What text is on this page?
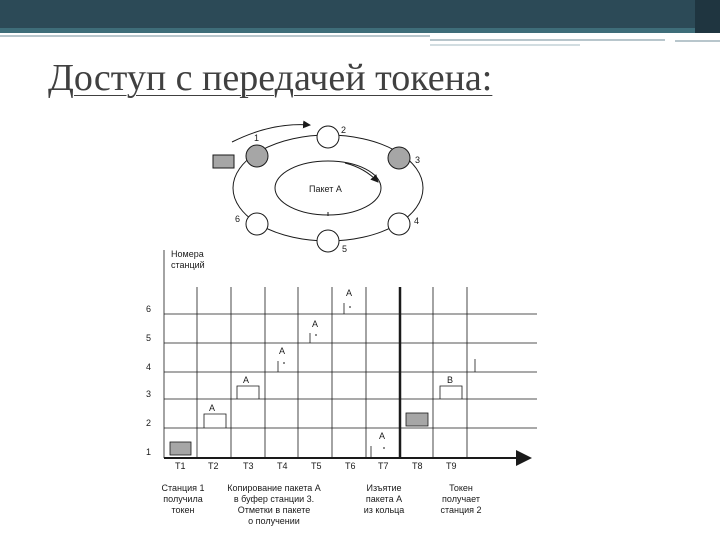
Доступ с передачей токена:
1
2
3
4
5
6
Пакет А
Номера
станций
1
2
3
4
5
6
T1 T2	T3	T4	T5	T6 T7	T8	T9
A
A
A
A
A
A
B
Станция 1
получила
токен
Копирование пакета А
в буфер станции 3.
Отметки в пакете
о получении
Изъятие
пакета А
из кольца
Токен
получает
станция 2
